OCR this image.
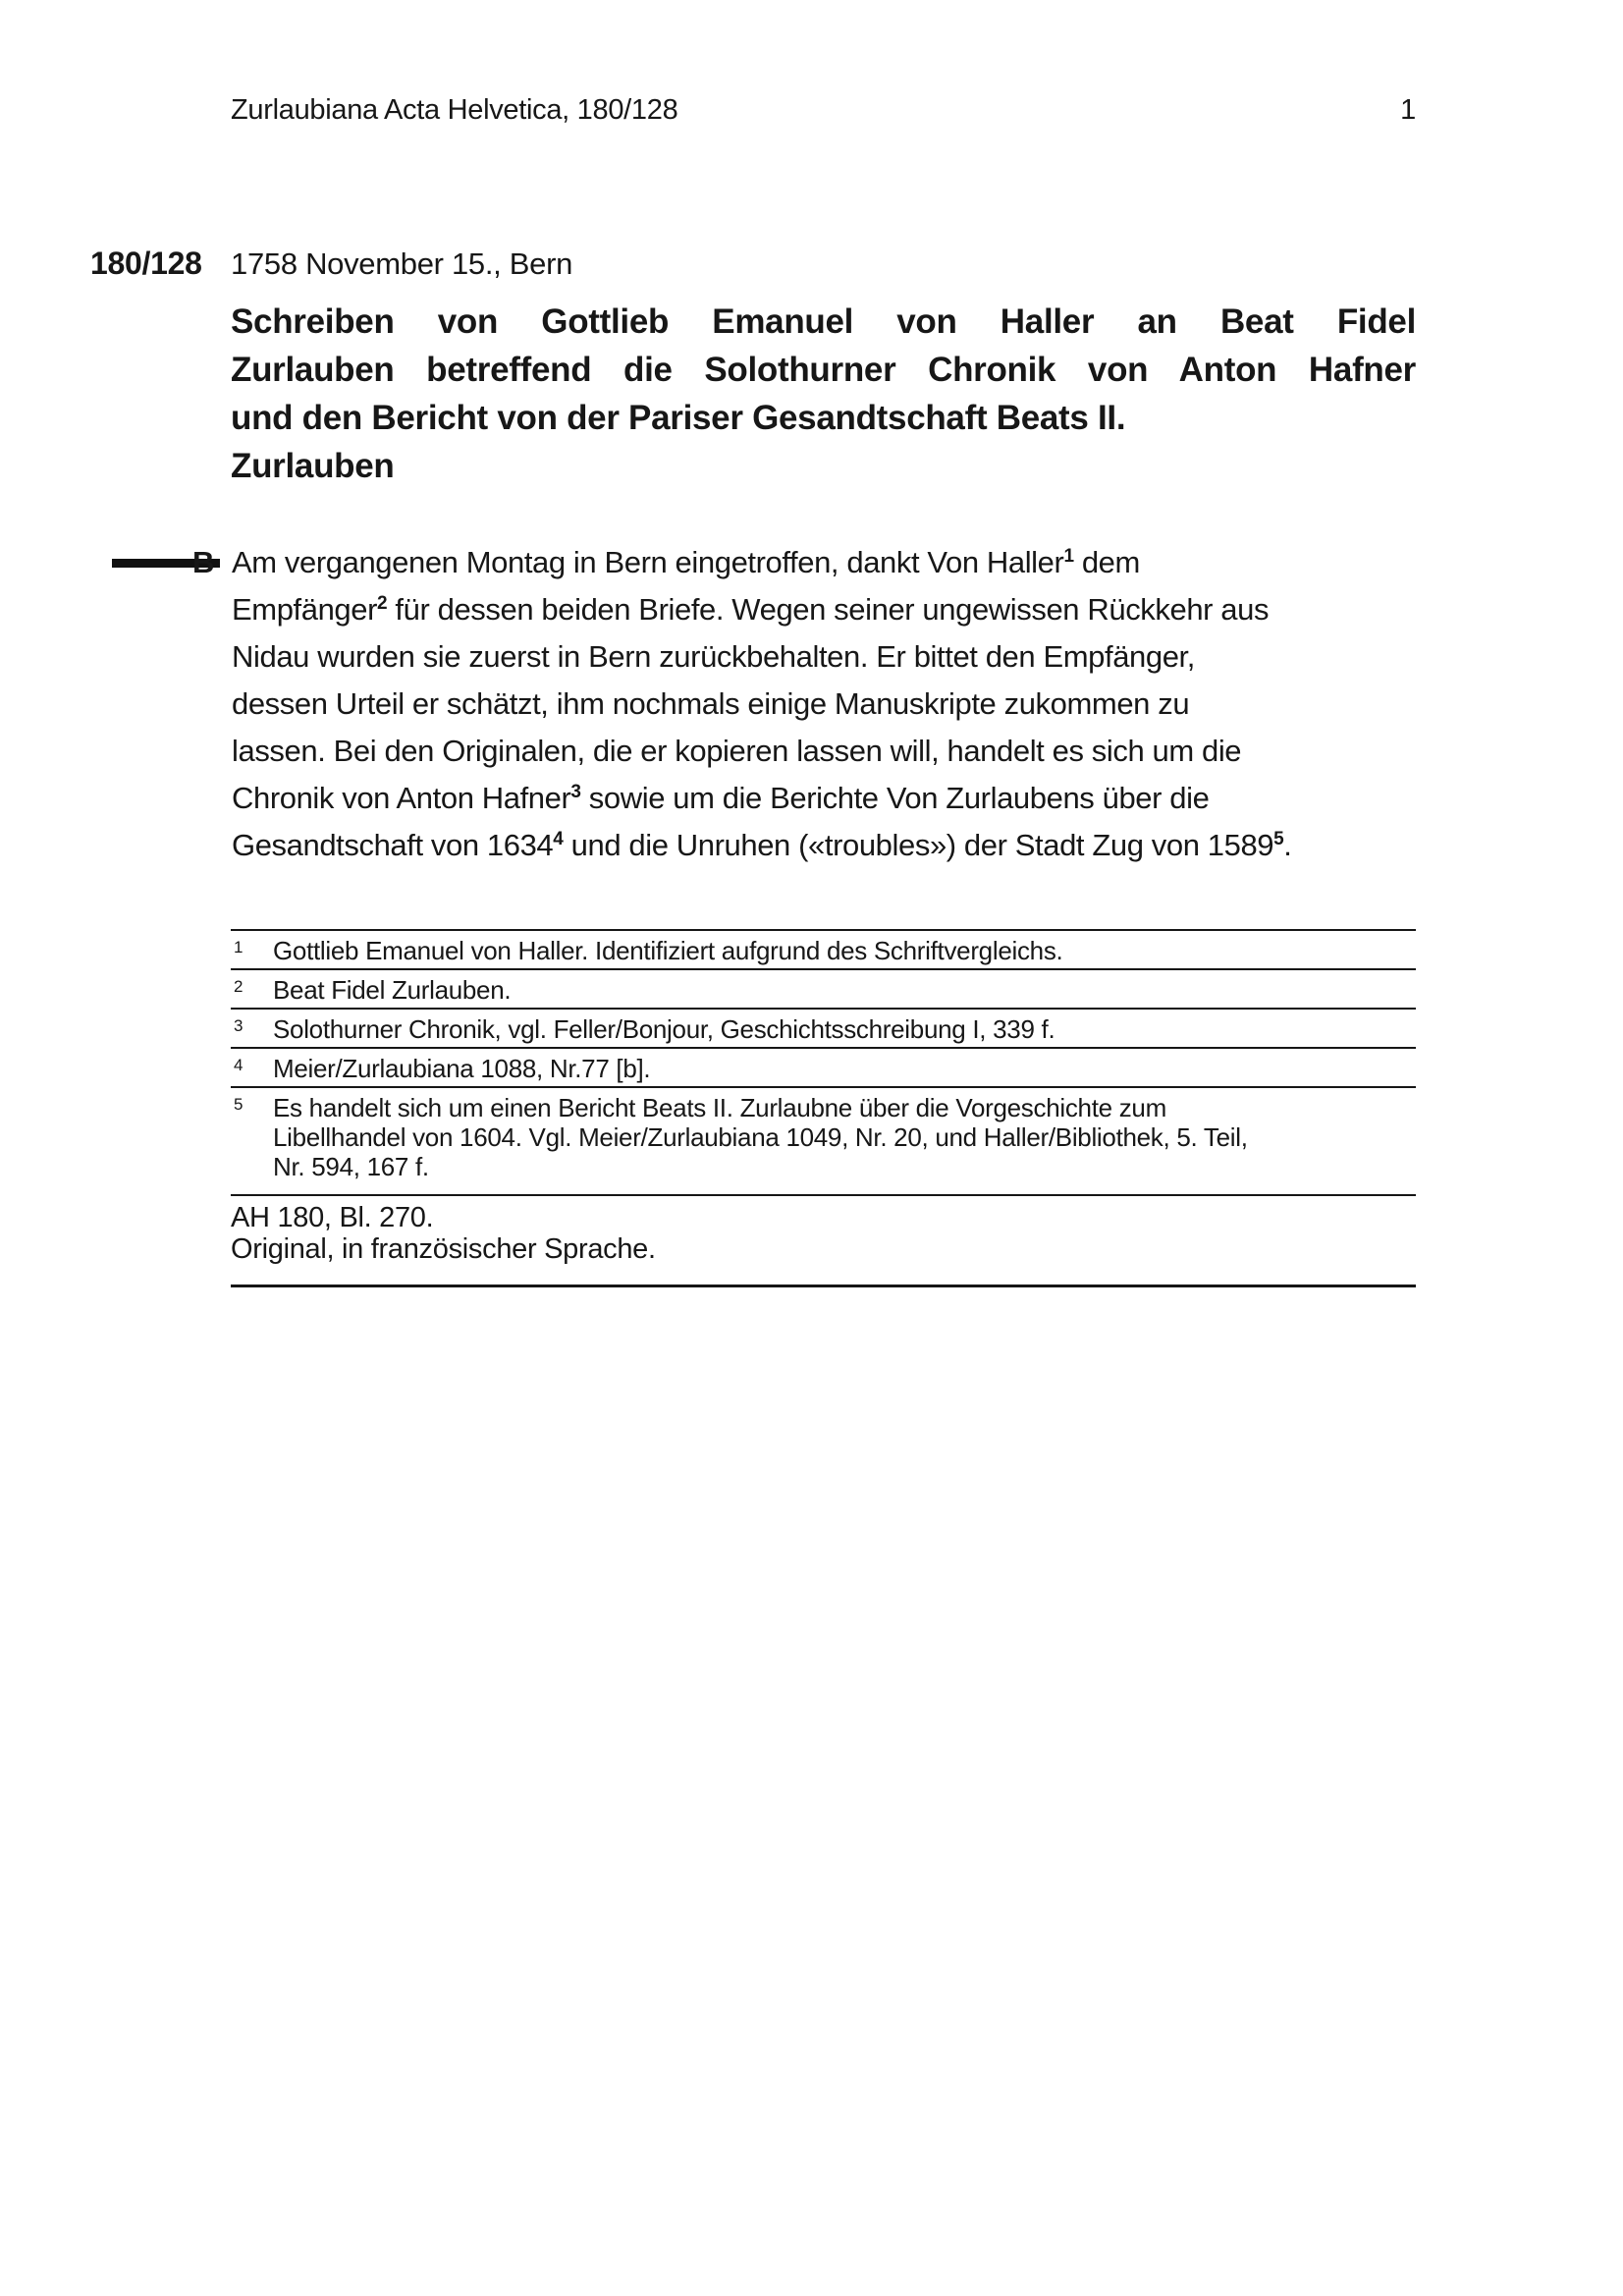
Zurlaubiana Acta Helvetica, 180/128	1
180/128 1758 November 15., Bern
Schreiben von Gottlieb Emanuel von Haller an Beat Fidel
Zurlauben betreffend die Solothurner Chronik von Anton Hafner
und den Bericht von der Pariser Gesandtschaft Beats II.
Zurlauben
B Am vergangenen Montag in Bern eingetroffen, dankt Von Haller$^1$ dem
Empfänger$^2$ für dessen beiden Briefe. Wegen seiner ungewissen Rückkehr aus
Nidau wurden sie zuerst in Bern zurückbehalten. Er bittet den Empfänger,
dessen Urteil er schätzt, ihm nochmals einige Manuskripte zukommen zu
lassen. Bei den Originalen, die er kopieren lassen will, handelt es sich um die
Chronik von Anton Hafner$^3$ sowie um die Berichte Von Zurlaubens über die
Gesandtschaft von 1634$^4$ und die Unruhen («troubles») der Stadt Zug von 1589$^5$.
1	Gottlieb Emanuel von Haller. Identifiziert aufgrund des Schriftvergleichs.
2	Beat Fidel Zurlauben.
3	Solothurner Chronik, vgl. Feller/Bonjour, Geschichtsschreibung I, 339 f.
4	Meier/Zurlaubiana 1088, Nr.77 [b].
5	Es handelt sich um einen Bericht Beats II. Zurlaubne über die Vorgeschichte zum
Libellhandel von 1604. Vgl. Meier/Zurlaubiana 1049, Nr. 20, und Haller/Bibliothek, 5. Teil,
Nr. 594, 167 f.
AH 180, Bl. 270.
Original, in französischer Sprache.
